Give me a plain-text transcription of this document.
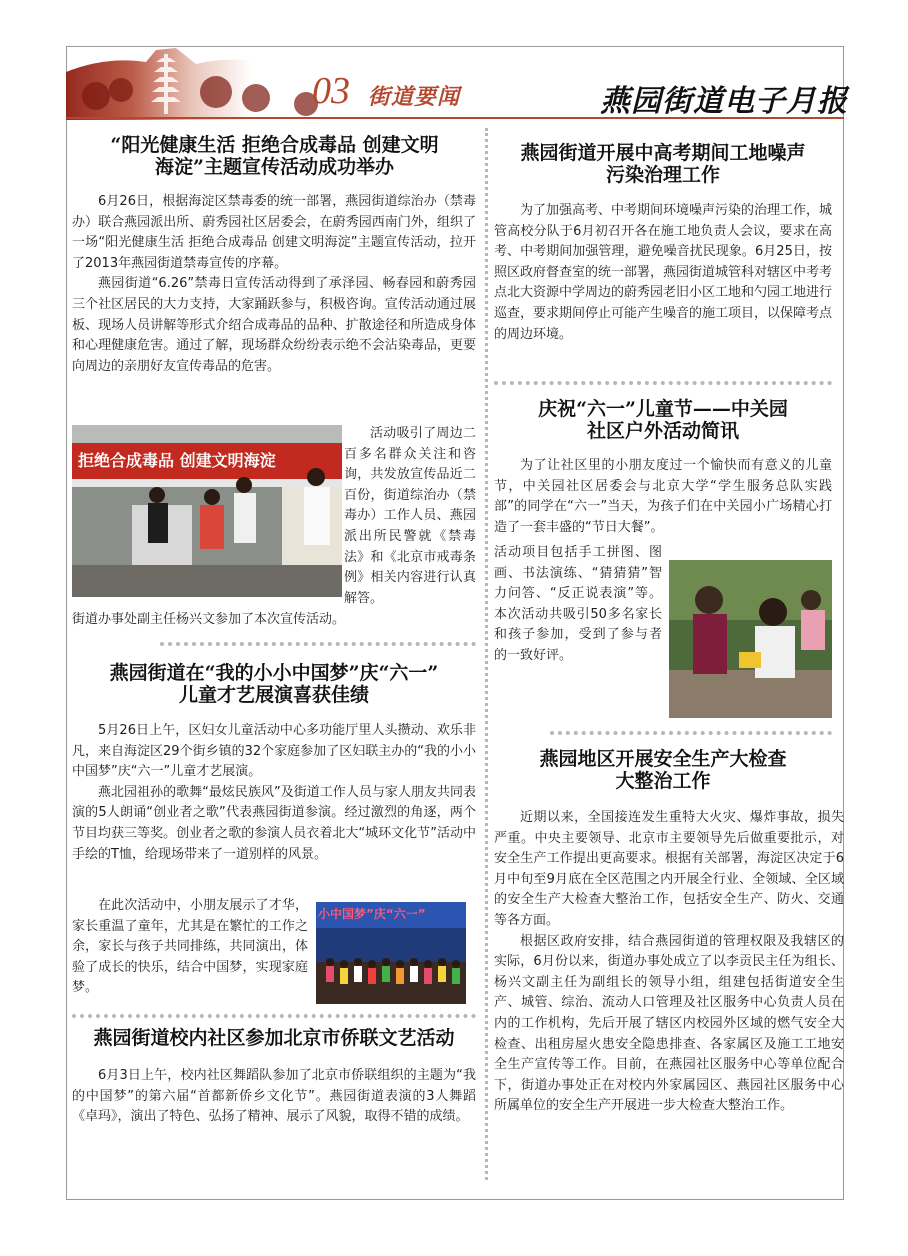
03 街道要闻	燕园街道电子月报
“阳光健康生活 拒绝合成毒品 创建文明
海淀”主题宣传活动成功举办

6月26日，根据海淀区禁毒委的统一部署，燕园街道综治办（禁毒办）联合燕园派出所、蔚秀园社区居委会，在蔚秀园西南门外，组织了一场“阳光健康生活 拒绝合成毒品 创建文明海淀”主题宣传活动，拉开了2013年燕园街道禁毒宣传的序幕。

燕园街道“6.26”禁毒日宣传活动得到了承泽园、畅春园和蔚秀园三个社区居民的大力支持，大家踊跃参与，积极咨询。宣传活动通过展板、现场人员讲解等形式介绍合成毒品的品种、扩散途径和所造成身体和心理健康危害。通过了解，现场群众纷纷表示绝不会沾染毒品，更要向周边的亲朋好友宣传毒品的危害。

拒绝合成毒品 创建文明海淀

活动吸引了周边二百多名群众关注和咨询，共发放宣传品近二百份，街道综治办（禁毒办）工作人员、燕园派出所民警就《禁毒法》和《北京市戒毒条例》相关内容进行认真解答。

街道办事处副主任杨兴文参加了本次宣传活动。

燕园街道在“我的小小中国梦”庆“六一”
儿童才艺展演喜获佳绩

5月26日上午，区妇女儿童活动中心多功能厅里人头攒动、欢乐非凡，来自海淀区29个街乡镇的32个家庭参加了区妇联主办的“我的小小中国梦”庆“六一”儿童才艺展演。

燕北园祖孙的歌舞“最炫民族风”及街道工作人员与家人朋友共同表演的5人朗诵“创业者之歌”代表燕园街道参演。经过激烈的角逐，两个节目均获三等奖。创业者之歌的参演人员衣着北大“城环文化节”活动中手绘的T恤，给现场带来了一道别样的风景。

在此次活动中，小朋友展示了才华，家长重温了童年，尤其是在繁忙的工作之余，家长与孩子共同排练，共同演出，体验了成长的快乐，结合中国梦，实现家庭梦。

小中国梦”庆“六一”
燕园街道校内社区参加北京市侨联文艺活动

6月3日上午，校内社区舞蹈队参加了北京市侨联组织的主题为“我的中国梦”的第六届“首都新侨乡文化节”。燕园街道表演的3人舞蹈《卓玛》，演出了特色、弘扬了精神、展示了风貌，取得不错的成绩。

燕园街道开展中高考期间工地噪声
污染治理工作

为了加强高考、中考期间环境噪声污染的治理工作，城管高校分队于6月初召开各在施工地负责人会议，要求在高考、中考期间加强管理，避免噪音扰民现象。6月25日，按照区政府督查室的统一部署，燕园街道城管科对辖区中考考点北大资源中学周边的蔚秀园老旧小区工地和勺园工地进行巡查，要求期间停止可能产生噪音的施工项目，以保障考点的周边环境。

庆祝“六一”儿童节——中关园
社区户外活动简讯

为了让社区里的小朋友度过一个愉快而有意义的儿童节，中关园社区居委会与北京大学“学生服务总队实践部”的同学在“六一”当天，为孩子们在中关园小广场精心打造了一套丰盛的“节日大餐”。

活动项目包括手工拼图、图画、书法演练、“猜猜猜”智力问答、“反正说表演”等。本次活动共吸引50多名家长和孩子参加，受到了参与者的一致好评。

燕园地区开展安全生产大检查
大整治工作

近期以来，全国接连发生重特大火灾、爆炸事故，损失严重。中央主要领导、北京市主要领导先后做重要批示，对安全生产工作提出更高要求。根据有关部署，海淀区决定于6月中旬至9月底在全区范围之内开展全行业、全领域、全区域的安全生产大检查大整治工作，包括安全生产、防火、交通等各方面。

根据区政府安排，结合燕园街道的管理权限及我辖区的实际，6月份以来，街道办事处成立了以李贡民主任为组长、杨兴文副主任为副组长的领导小组，组建包括街道安全生产、城管、综治、流动人口管理及社区服务中心负责人员在内的工作机构，先后开展了辖区内校园外区域的燃气安全大检查、出租房屋火患安全隐患排查、各家属区及施工工地安全生产宣传等工作。目前，在燕园社区服务中心等单位配合下，街道办事处正在对校内外家属园区、燕园社区服务中心所属单位的安全生产开展进一步大检查大整治工作。
